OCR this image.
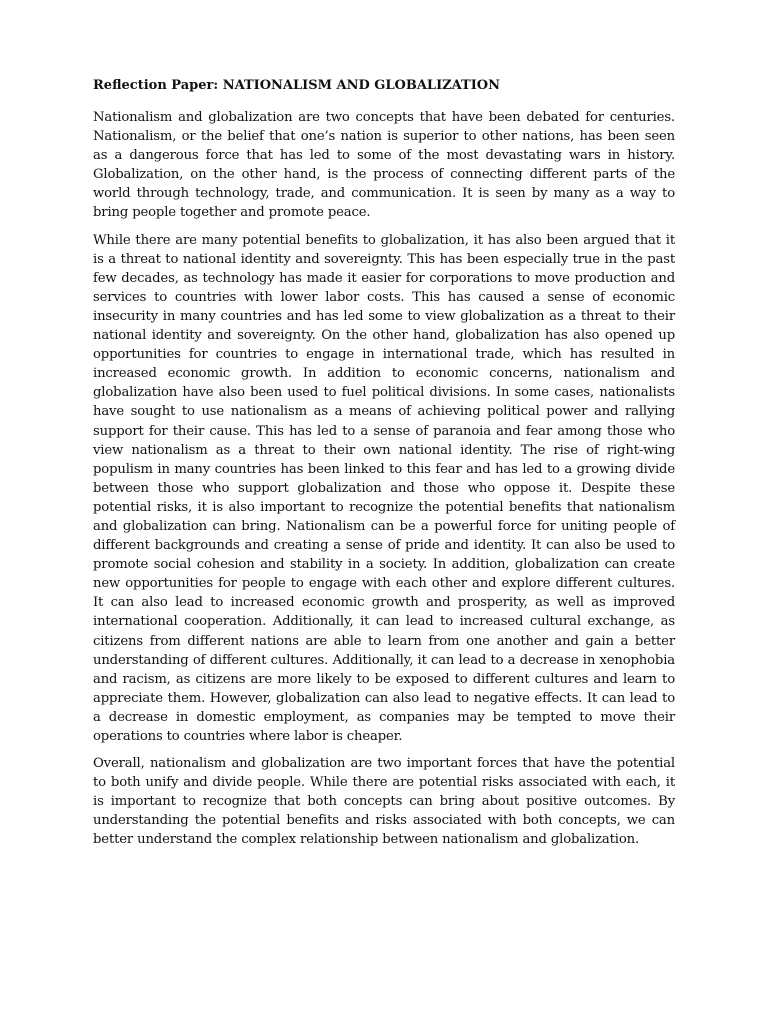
Reflection Paper: NATIONALISM AND GLOBALIZATION

Nationalism and globalization are two concepts that have been debated for centuries. Nationalism, or the belief that one’s nation is superior to other nations, has been seen as a dangerous force that has led to some of the most devastating wars in history. Globalization, on the other hand, is the process of connecting different parts of the world through technology, trade, and communication. It is seen by many as a way to bring people together and promote peace.

While there are many potential benefits to globalization, it has also been argued that it is a threat to national identity and sovereignty. This has been especially true in the past few decades, as technology has made it easier for corporations to move production and services to countries with lower labor costs. This has caused a sense of economic insecurity in many countries and has led some to view globalization as a threat to their national identity and sovereignty. On the other hand, globalization has also opened up opportunities for countries to engage in international trade, which has resulted in increased economic growth. In addition to economic concerns, nationalism and globalization have also been used to fuel political divisions. In some cases, nationalists have sought to use nationalism as a means of achieving political power and rallying support for their cause. This has led to a sense of paranoia and fear among those who view nationalism as a threat to their own national identity. The rise of right-wing populism in many countries has been linked to this fear and has led to a growing divide between those who support globalization and those who oppose it. Despite these potential risks, it is also important to recognize the potential benefits that nationalism and globalization can bring. Nationalism can be a powerful force for uniting people of different backgrounds and creating a sense of pride and identity. It can also be used to promote social cohesion and stability in a society. In addition, globalization can create new opportunities for people to engage with each other and explore different cultures. It can also lead to increased economic growth and prosperity, as well as improved international cooperation. Additionally, it can lead to increased cultural exchange, as citizens from different nations are able to learn from one another and gain a better understanding of different cultures. Additionally, it can lead to a decrease in xenophobia and racism, as citizens are more likely to be exposed to different cultures and learn to appreciate them. However, globalization can also lead to negative effects. It can lead to a decrease in domestic employment, as companies may be tempted to move their operations to countries where labor is cheaper.

Overall, nationalism and globalization are two important forces that have the potential to both unify and divide people. While there are potential risks associated with each, it is important to recognize that both concepts can bring about positive outcomes. By understanding the potential benefits and risks associated with both concepts, we can better understand the complex relationship between nationalism and globalization.
